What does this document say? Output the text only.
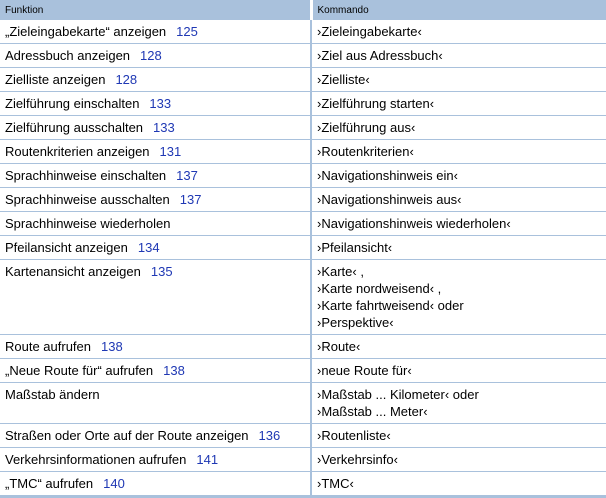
Funktion	Kommando
„Zieleingabekarte“ anzeigen 125	›Zieleingabekarte‹

Adressbuch anzeigen 128	›Ziel aus Adressbuch‹

Zielliste anzeigen 128	›Zielliste‹

Zielführung einschalten 133	›Zielführung starten‹

Zielführung ausschalten 133	›Zielführung aus‹

Routenkriterien anzeigen 131	›Routenkriterien‹

Sprachhinweise einschalten 137	›Navigationshinweis ein‹

Sprachhinweise ausschalten 137	›Navigationshinweis aus‹

Sprachhinweise wiederholen	›Navigationshinweis wiederholen‹

Pfeilansicht anzeigen 134	›Pfeilansicht‹

Kartenansicht anzeigen 135	›Karte‹ ,
›Karte nordweisend‹ ,
›Karte fahrtweisend‹ oder
›Perspektive‹

Route aufrufen 138	›Route‹

„Neue Route für“ aufrufen 138	›neue Route für‹

Maßstab ändern	›Maßstab ... Kilometer‹ oder
›Maßstab ... Meter‹

Straßen oder Orte auf der Route anzeigen 136	›Routenliste‹

Verkehrsinformationen aufrufen 141	›Verkehrsinfo‹

„TMC“ aufrufen 140	›TMC‹
